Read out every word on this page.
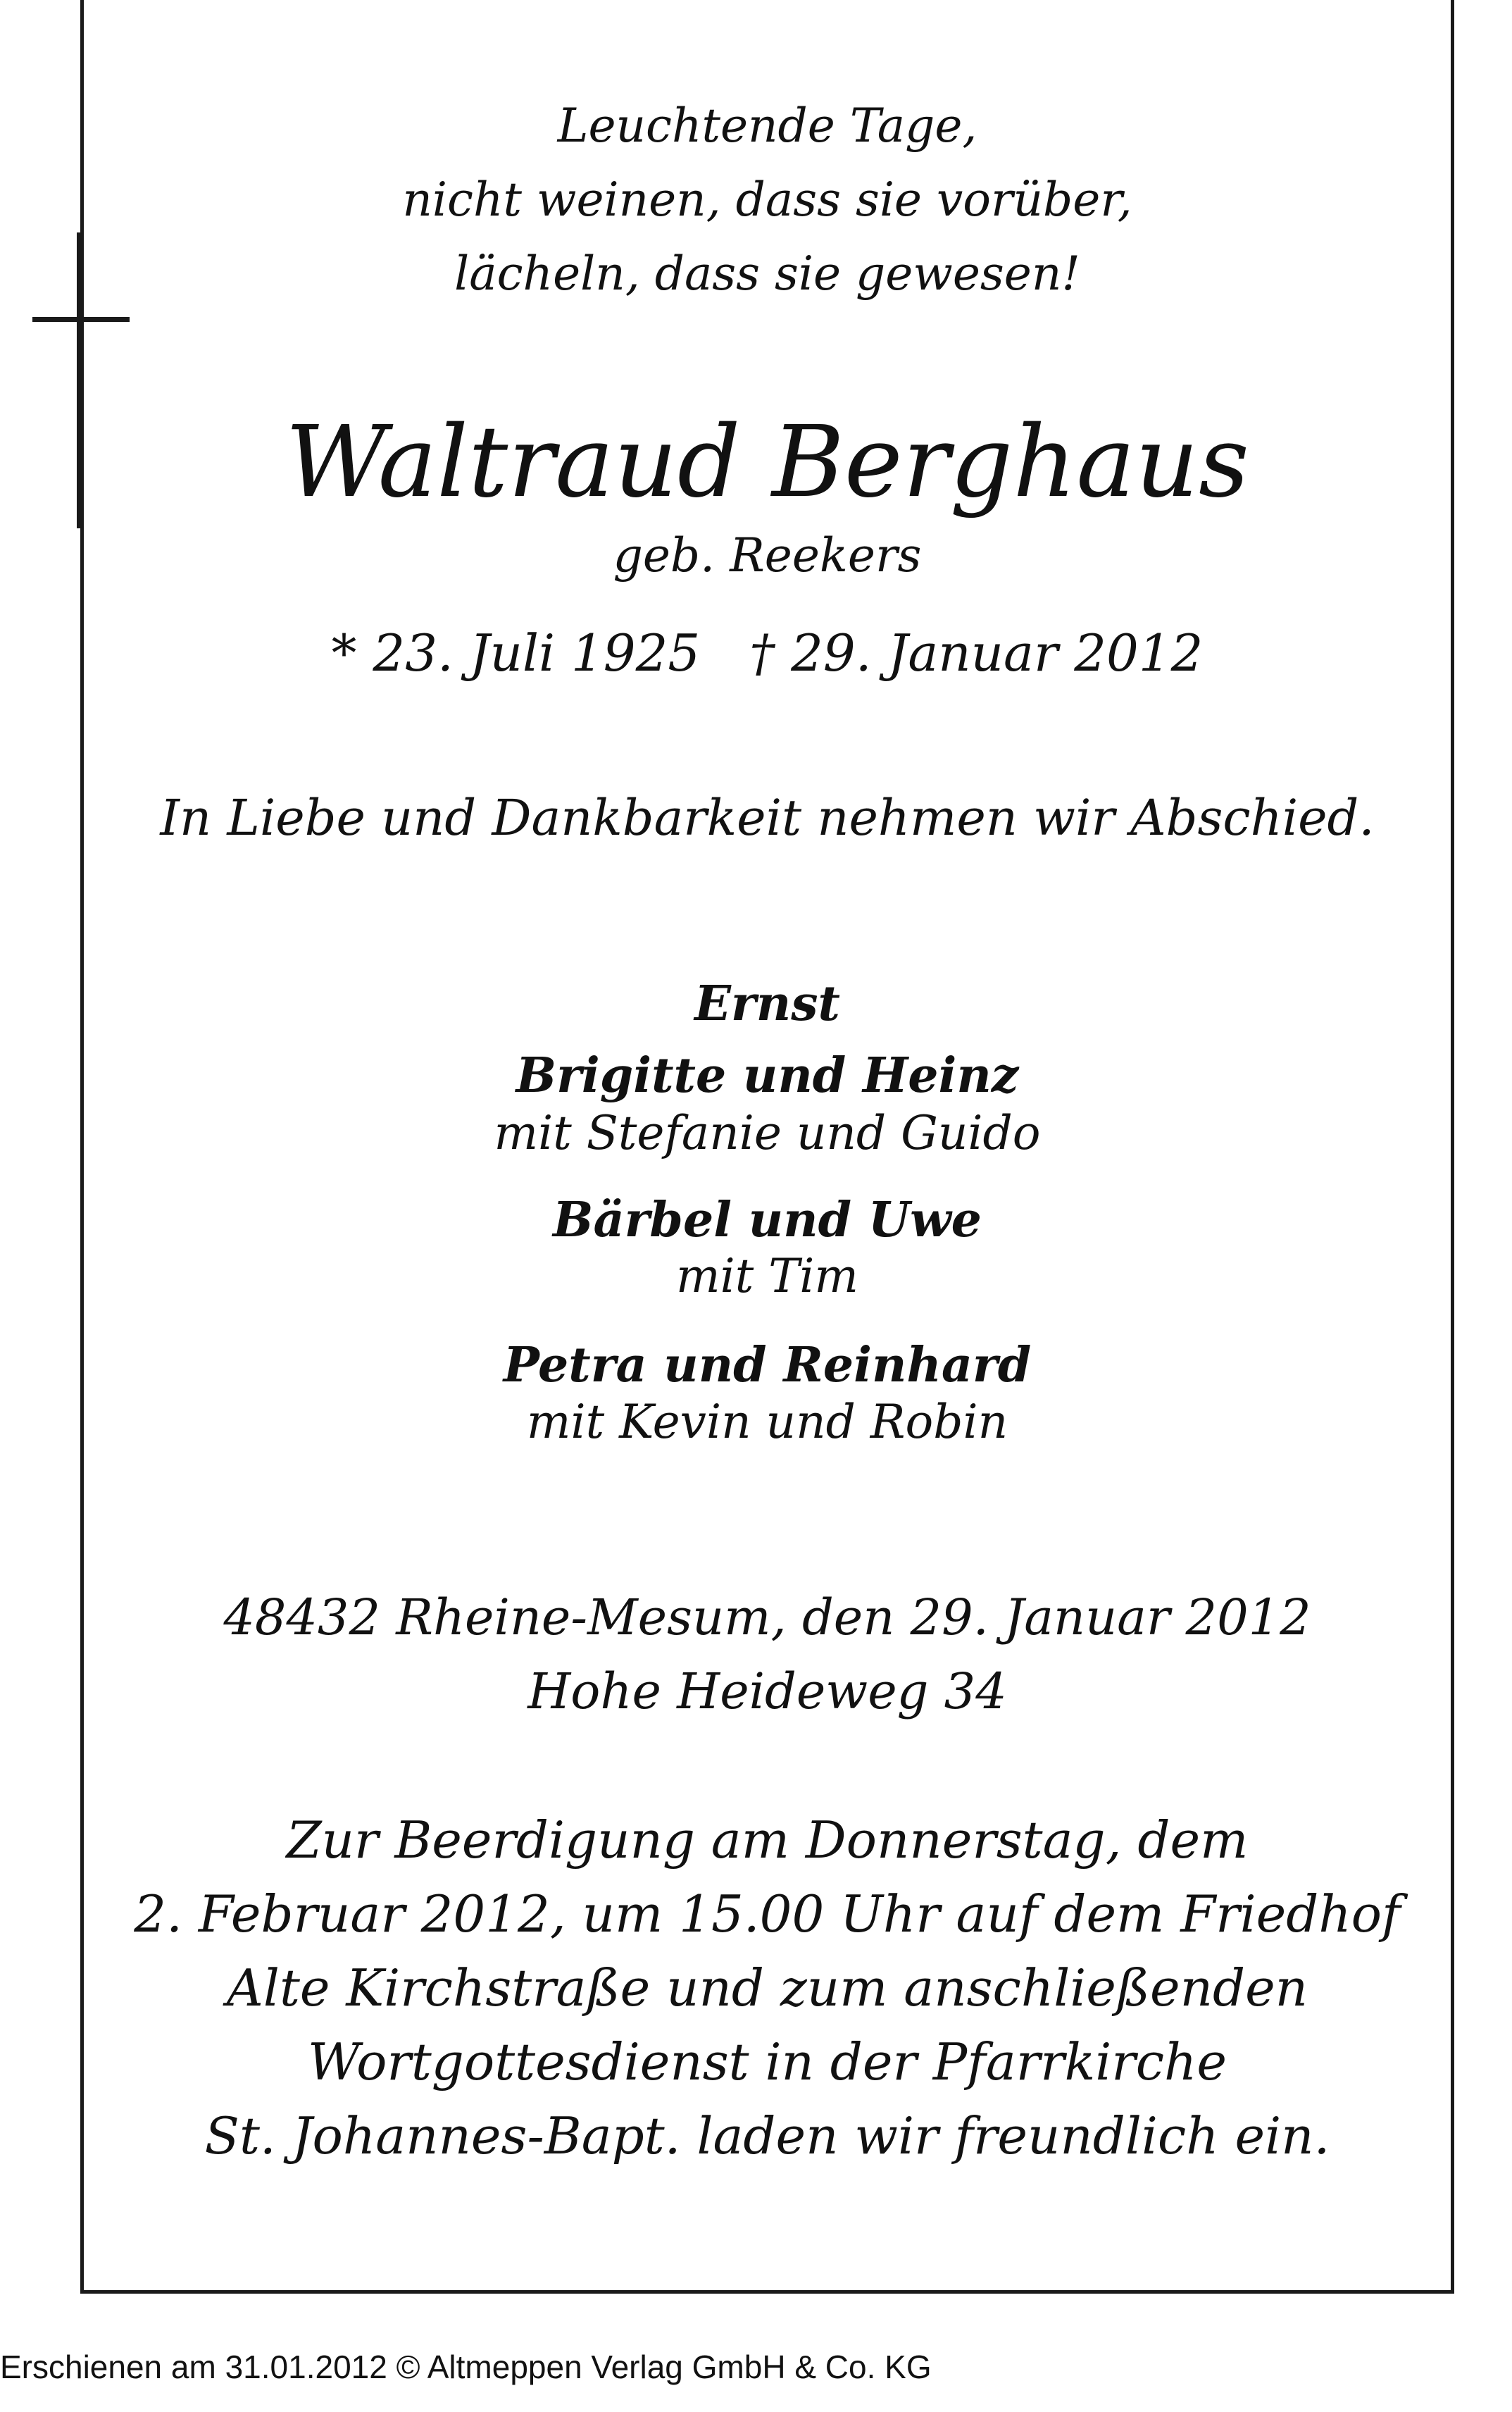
Leuchtende Tage,
nicht weinen, dass sie vorüber,
lächeln, dass sie gewesen!
Waltraud Berghaus
geb. Reekers
* 23. Juli 1925 † 29. Januar 2012
In Liebe und Dankbarkeit nehmen wir Abschied.
Ernst
Brigitte und Heinz
mit Stefanie und Guido
Bärbel und Uwe
mit Tim
Petra und Reinhard
mit Kevin und Robin
48432 Rheine-Mesum, den 29. Januar 2012
Hohe Heideweg 34
Zur Beerdigung am Donnerstag, dem
2. Februar 2012, um 15.00 Uhr auf dem Friedhof
Alte Kirchstraße und zum anschließenden
Wortgottesdienst in der Pfarrkirche
St. Johannes-Bapt. laden wir freundlich ein.
Erschienen am 31.01.2012 © Altmeppen Verlag GmbH & Co. KG
